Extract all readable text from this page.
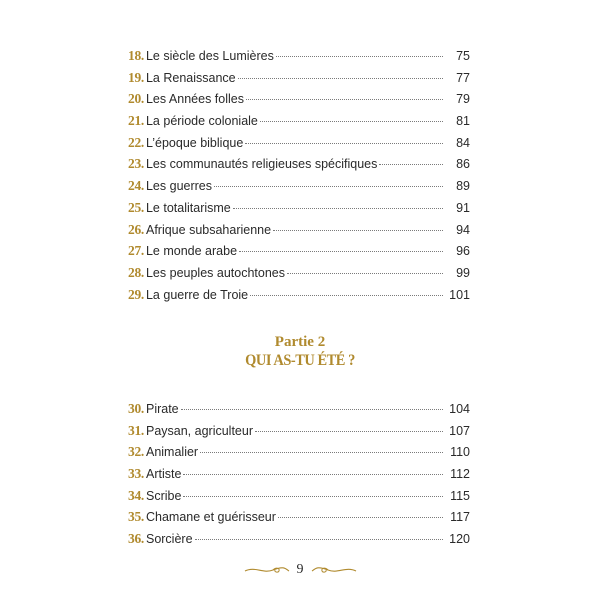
18. Le siècle des Lumières	75
19. La Renaissance	77
20. Les Années folles	79
21. La période coloniale	81
22. L’époque biblique	84
23. Les communautés religieuses spécifiques	86
24. Les guerres	89
25. Le totalitarisme	91
26. Afrique subsaharienne	94
27. Le monde arabe	96
28. Les peuples autochtones	99
29. La guerre de Troie	101
Partie 2
QUI AS-TU ÉTÉ ?
30. Pirate	104
31. Paysan, agriculteur	107
32. Animalier	110
33. Artiste	112
34. Scribe	115
35. Chamane et guérisseur	117
36. Sorcière	120
9
